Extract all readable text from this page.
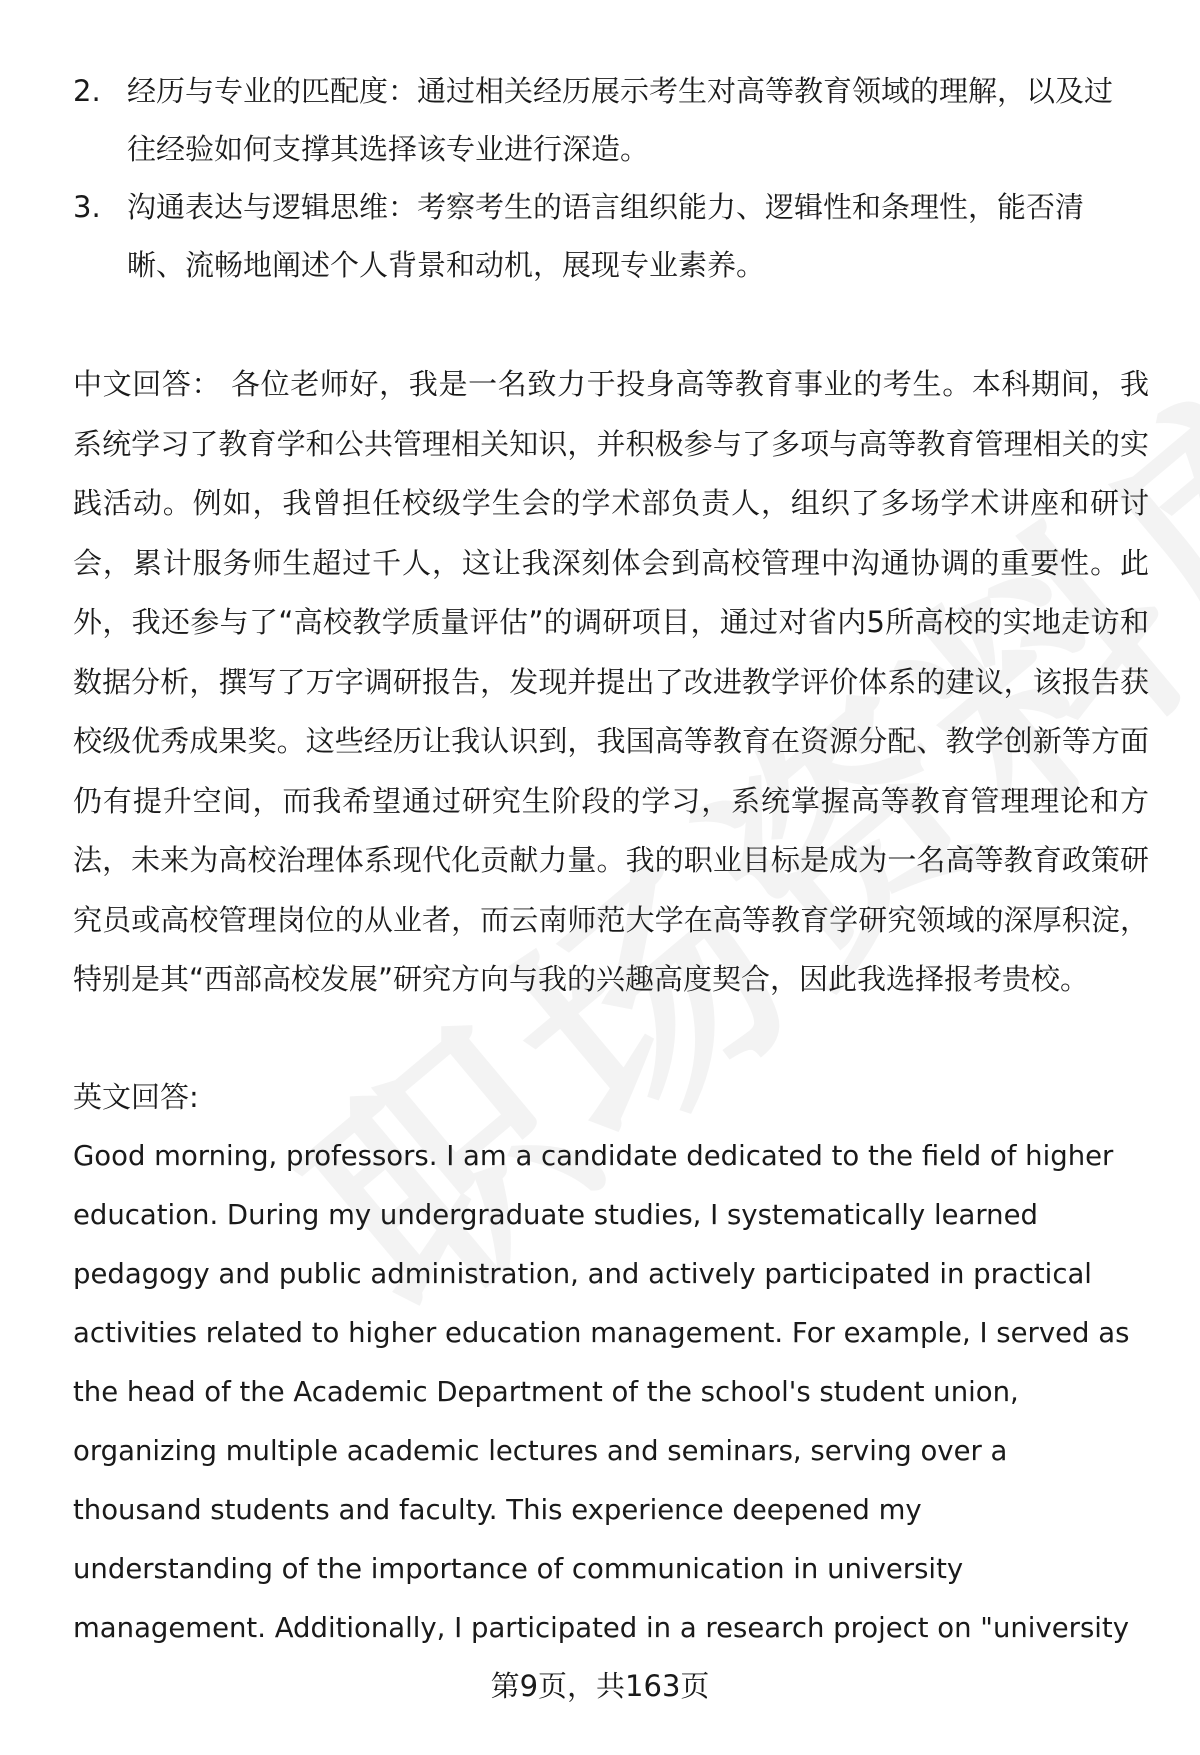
2. 经历与专业的匹配度：通过相关经历展示考生对高等教育领域的理解，以及过往经验如何支撑其选择该专业进行深造。
3. 沟通表达与逻辑思维：考察考生的语言组织能力、逻辑性和条理性，能否清晰、流畅地阐述个人背景和动机，展现专业素养。

中文回答： 各位老师好，我是一名致力于投身高等教育事业的考生。本科期间，我系统学习了教育学和公共管理相关知识，并积极参与了多项与高等教育管理相关的实践活动。例如，我曾担任校级学生会的学术部负责人，组织了多场学术讲座和研讨会，累计服务师生超过千人，这让我深刻体会到高校管理中沟通协调的重要性。此外，我还参与了“高校教学质量评估”的调研项目，通过对省内5所高校的实地走访和数据分析，撰写了万字调研报告，发现并提出了改进教学评价体系的建议，该报告获校级优秀成果奖。这些经历让我认识到，我国高等教育在资源分配、教学创新等方面仍有提升空间，而我希望通过研究生阶段的学习，系统掌握高等教育管理理论和方法，未来为高校治理体系现代化贡献力量。我的职业目标是成为一名高等教育政策研究员或高校管理岗位的从业者，而云南师范大学在高等教育学研究领域的深厚积淀，特别是其“西部高校发展”研究方向与我的兴趣高度契合，因此我选择报考贵校。

英文回答:
Good morning, professors. I am a candidate dedicated to the field of higher
education. During my undergraduate studies, I systematically learned
pedagogy and public administration, and actively participated in practical
activities related to higher education management. For example, I served as
the head of the Academic Department of the school's student union,
organizing multiple academic lectures and seminars, serving over a
thousand students and faculty. This experience deepened my
understanding of the importance of communication in university
management. Additionally, I participated in a research project on "university
第9页，共163页
